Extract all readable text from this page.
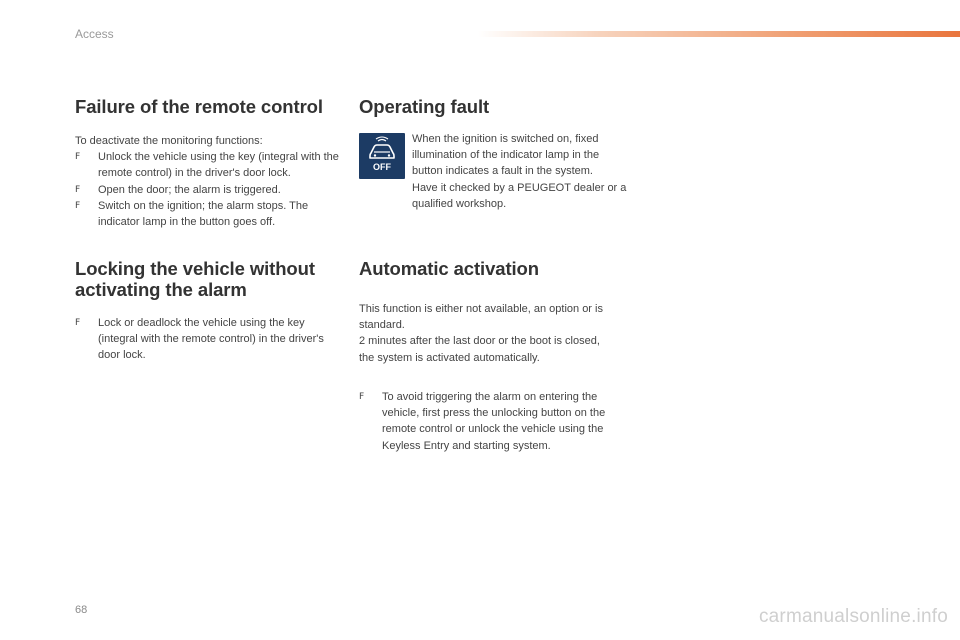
Access
Failure of the remote control

To deactivate the monitoring functions:

F Unlock the vehicle using the key (integral with the remote control) in the driver's door lock.
F Open the door; the alarm is triggered.
F Switch on the ignition; the alarm stops. The indicator lamp in the button goes off.
Locking the vehicle without
activating the alarm
F Lock or deadlock the vehicle using the key (integral with the remote control) in the driver's door lock.
Operating fault
OFF

When the ignition is switched on, fixed illumination of the indicator lamp in the button indicates a fault in the system.

Have it checked by a PEUGEOT dealer or a qualified workshop.

Automatic activation

This function is either not available, an option or is standard.

2 minutes after the last door or the boot is closed, the system is activated automatically.

F To avoid triggering the alarm on entering the vehicle, first press the unlocking button on the remote control or unlock the vehicle using the Keyless Entry and starting system.
68	carmanualsonline.info
